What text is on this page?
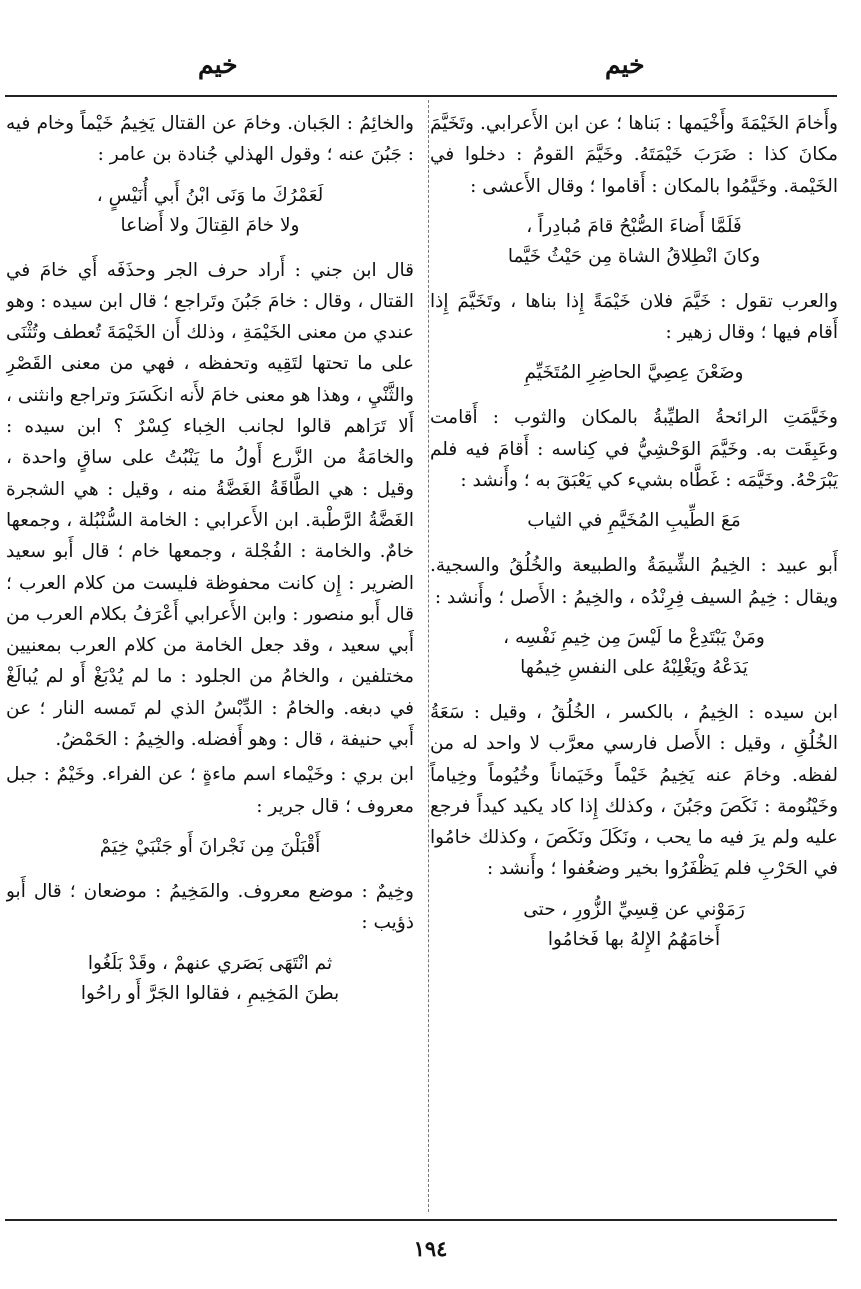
خيم
خيم

وأَخامَ الخَيْمَةَ وأَخْيَمها : بَناها ؛ عن ابن الأَعرابي. وتَخَيَّمَ مكانَ كذا : ضَرَبَ خَيْمَتَهُ. وخَيَّمَ القومُ : دخلوا في الخَيْمة. وخَيَّمُوا بالمكان : أَقاموا ؛ وقال الأَعشى :

فَلَمَّا أَضاءَ الصُّبْحُ قامَ مُبادِراً ،
وكانَ انْطِلاقُ الشاة مِن حَيْثُ خَيَّما

والعرب تقول : خَيَّمَ فلان خَيْمَةً إِذا بناها ، وتَخَيَّمَ إِذا أَقام فيها ؛ وقال زهير :

وضَعْنَ عِصِيَّ الحاضِرِ المُتَخَيِّمِ

وخَيَّمَتِ الرائحةُ الطيِّبةُ بالمكان والثوب : أَقامت وعَبِقَت به. وخَيَّمَ الوَحْشِيُّ في كِناسه : أَقامَ فيه فلم يَبْرَحْهُ. وخَيَّمَه : غَطَّاه بشيء كي يَعْبَقَ به ؛ وأَنشد :

مَعَ الطِّيبِ المُخَيَّمِ في الثياب

أَبو عبيد : الخِيمُ الشِّيمَةُ والطبيعة والخُلُقُ والسجية. ويقال : خِيمُ السيف فِرِنْدُه ، والخِيمُ : الأَصل ؛ وأَنشد :

ومَنْ يَبْتَدِعْ ما لَيْسَ مِن خِيمِ نَفْسِه ،
يَدَعْهُ ويَغْلِبْهُ على النفسِ خِيمُها

ابن سيده : الخِيمُ ، بالكسر ، الخُلُقُ ، وقيل : سَعَةُ الخُلُقِ ، وقيل : الأَصل فارسي معرَّب لا واحد له من لفظه. وخامَ عنه يَخِيمُ خَيْماً وخَيَماناً وخُيُوماً وخِياماً وخَيْنُومة : نَكَصَ وجَبُنَ ، وكذلك إِذا كاد يكيد كيداً فرجع عليه ولم يرَ فيه ما يحب ، ونَكَلَ ونَكَصَ ، وكذلك خامُوا في الحَرْبِ فلم يَظْفَرُوا بخير وضعُفوا ؛ وأَنشد :

رَمَوْني عن قِسِيِّ الزُّورِ ، حتى
أَخامَهُمُ الإِلهُ بها فَخامُوا

والخائِمُ : الجَبان. وخامَ عن القتال يَخِيمُ خَيْماً وخام فيه : جَبُنَ عنه ؛ وقول الهذلي جُنادة بن عامر :

لَعَمْرُكَ ما وَنَى ابْنُ أَبي أُنَيْسٍ ،
ولا خامَ القِتالَ ولا أَضاعا

قال ابن جني : أَراد حرف الجر وحذَفَه أَي خامَ في القتال ، وقال : خامَ جَبُنَ وتَراجع ؛ قال ابن سيده : وهو عندي من معنى الخَيْمَةِ ، وذلك أَن الخَيْمَةَ تُعطف وتُثْنَى على ما تحتها لتَقِيه وتحفظه ، فهي من معنى القَصْرِ والثَّنْيِ ، وهذا هو معنى خامَ لأَنه انكَسَرَ وتراجع وانثنى ، أَلا تَرَاهم قالوا لجانب الخِباء كِسْرٌ ؟ ابن سيده : والخامَةُ من الزَّرع أَولُ ما يَنْبُتُ على ساقٍ واحدة ، وقيل : هي الطَّاقَةُ الغَضَّةُ منه ، وقيل : هي الشجرة الغَضَّةُ الرَّطْبة. ابن الأَعرابي : الخامة السُّنْبُلة ، وجمعها خامٌ. والخامة : الفُجْلة ، وجمعها خام ؛ قال أَبو سعيد الضرير : إِن كانت محفوظة فليست من كلام العرب ؛ قال أَبو منصور : وابن الأَعرابي أَعْرَفُ بكلام العرب من أَبي سعيد ، وقد جعل الخامة من كلام العرب بمعنيين مختلفين ، والخامُ من الجلود : ما لم يُدْبَغْ أَو لم يُبالَغْ في دبغه. والخامُ : الدِّبْسُ الذي لم تَمسه النار ؛ عن أَبي حنيفة ، قال : وهو أَفضله. والخِيمُ : الحَمْضُ.

ابن بري : وخَيْماء اسم ماءةٍ ؛ عن الفراء. وخَيْمٌ : جبل معروف ؛ قال جرير :

أَقْبَلْنَ مِن نَجْرانَ أَو جَنْبَيْ خِيَمْ

وخِيمٌ : موضع معروف. والمَخِيمُ : موضعان ؛ قال أَبو ذؤيب :

ثم انْتَهَى بَصَري عنهمْ ، وقَدْ بَلَغُوا
بطنَ المَخِيمِ ، فقالوا الجَرَّ أَو راحُوا
١٩٤
